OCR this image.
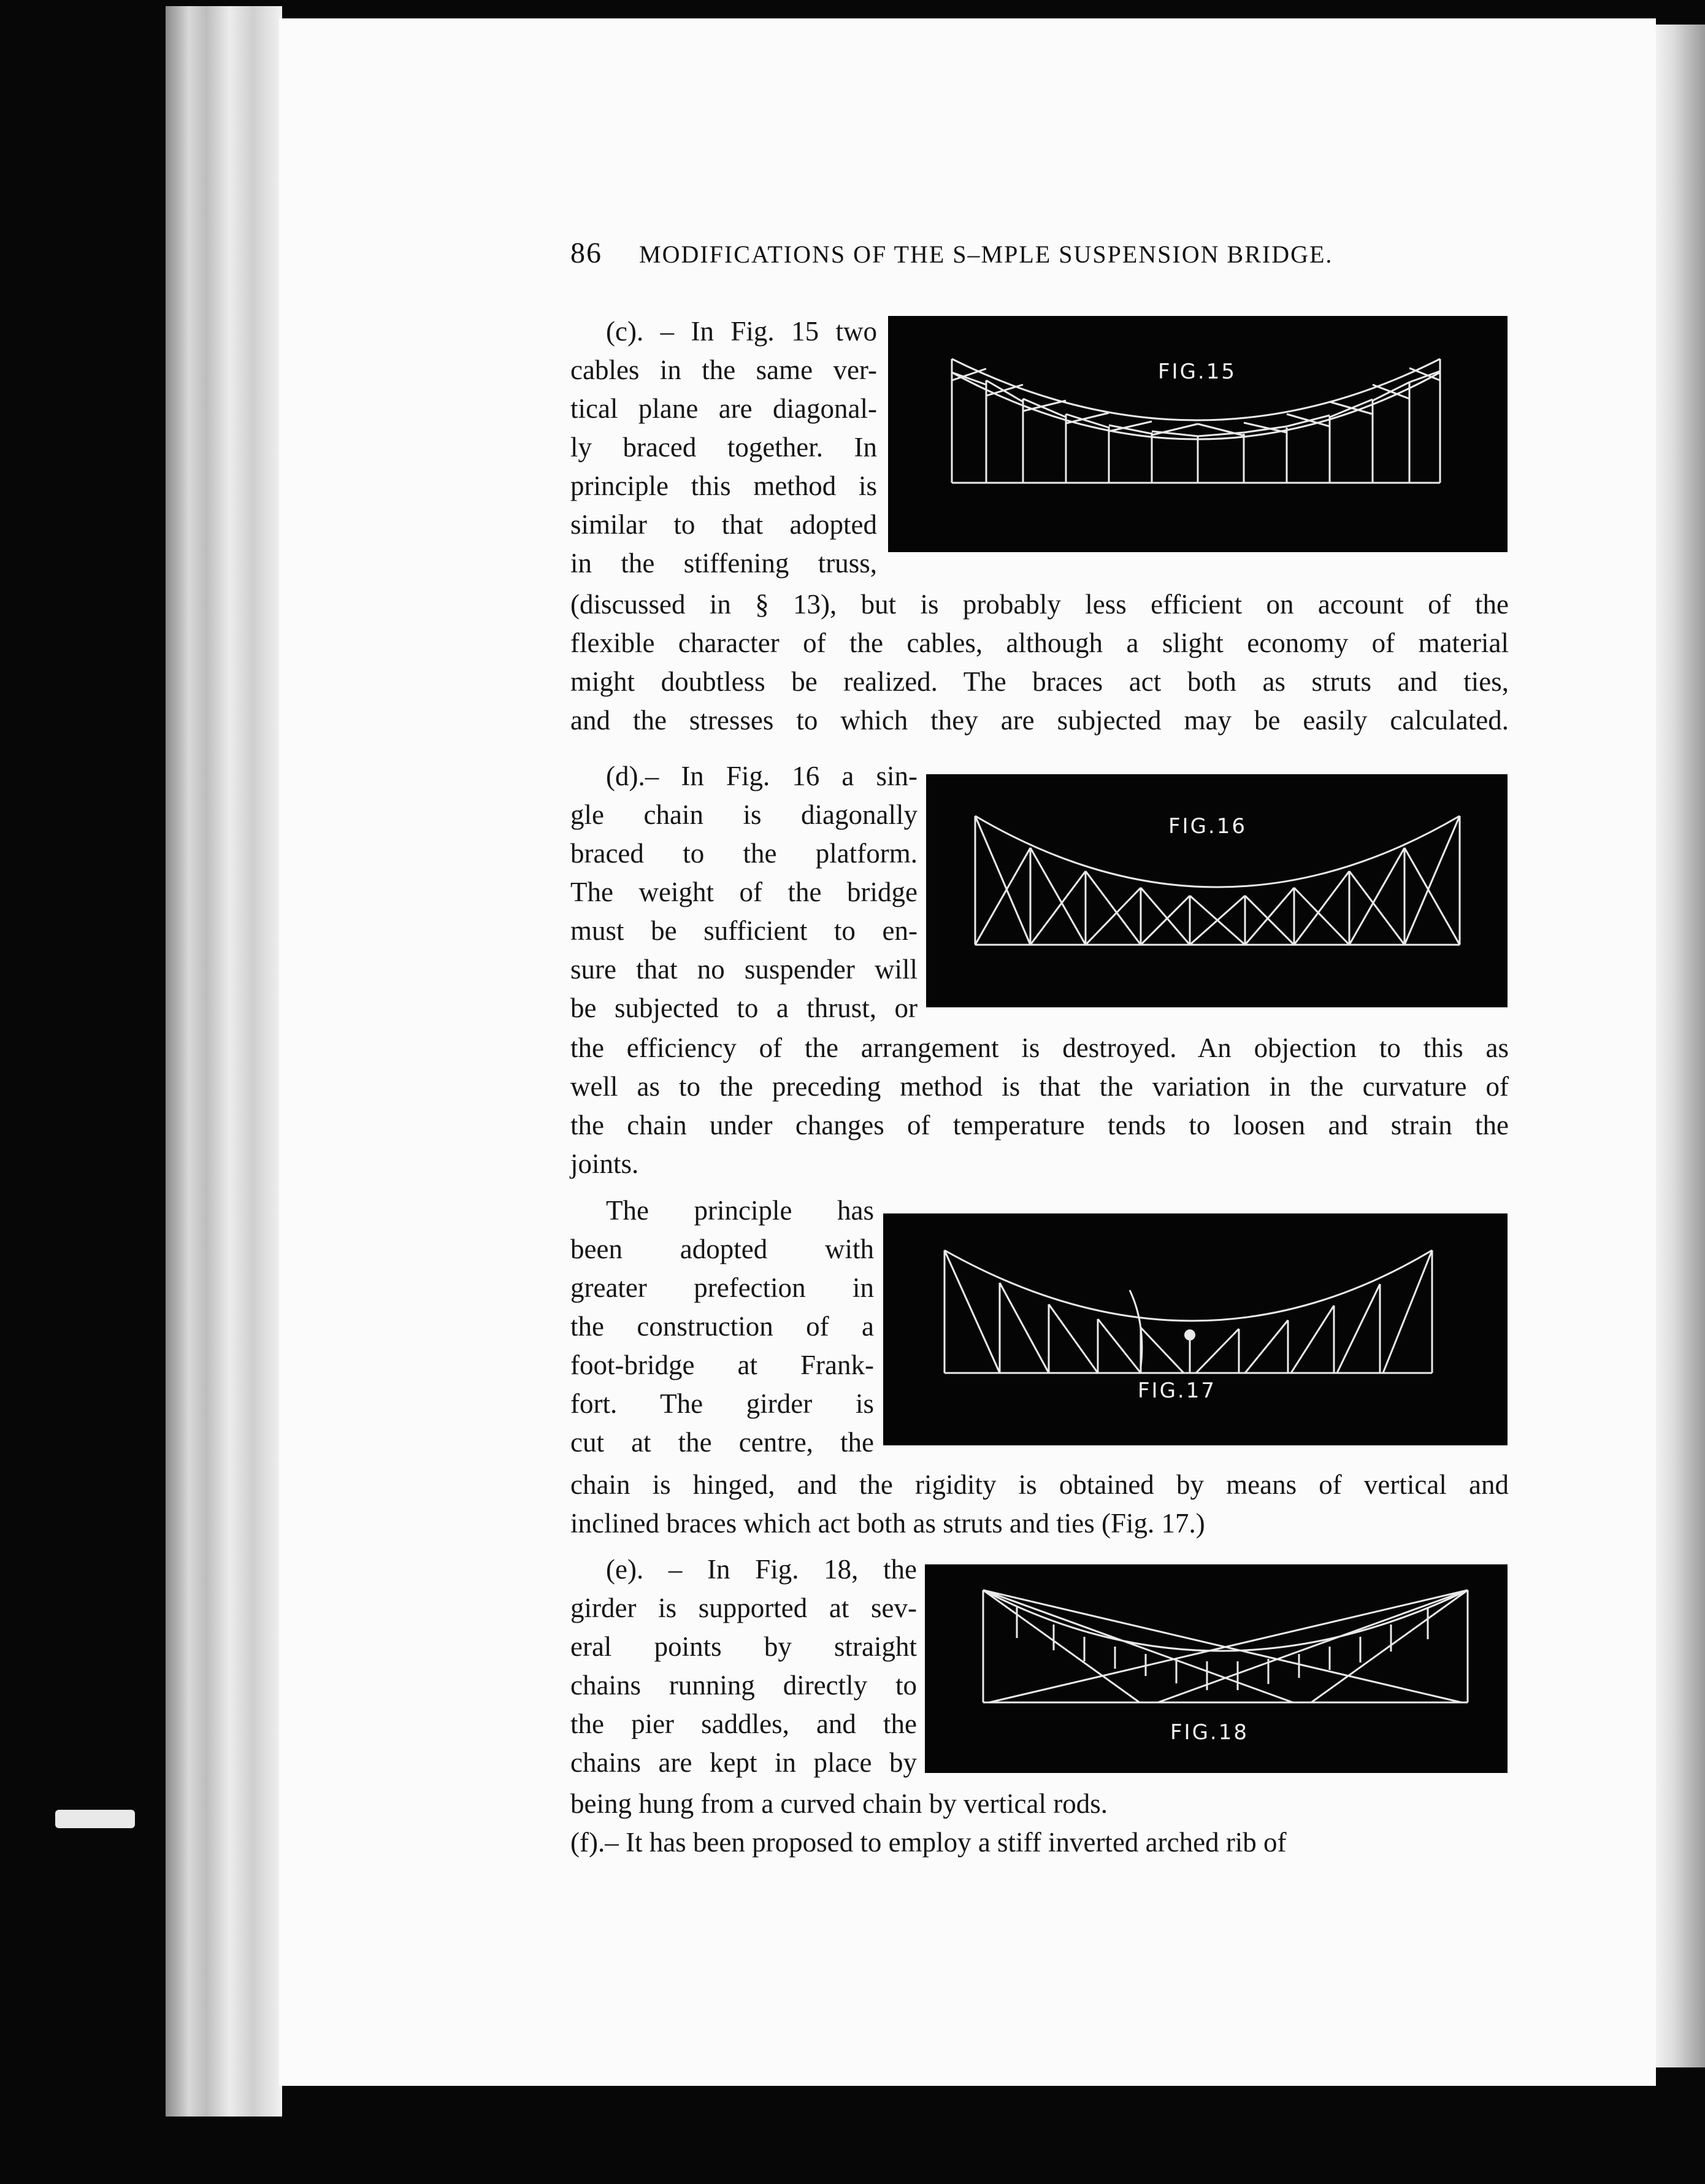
86 MODIFICATIONS OF THE S–MPLE SUSPENSION BRIDGE.
(c). – In Fig. 15 two
cables in the same ver-
tical plane are diagonal-
ly braced together. In
principle this method is
similar to that adopted
in the stiffening truss,
(discussed in § 13), but is probably less efficient on account of the
flexible character of the cables, although a slight economy of material
might doubtless be realized. The braces act both as struts and ties,
and the stresses to which they are subjected may be easily calculated.
FIG.15
(d).– In Fig. 16 a sin-
gle chain is diagonally
braced to the platform.
The weight of the bridge
must be sufficient to en-
sure that no suspender will
be subjected to a thrust, or
the efficiency of the arrangement is destroyed. An objection to this as
well as to the preceding method is that the variation in the curvature of
the chain under changes of temperature tends to loosen and strain the
joints.
FIG.16
The principle has
been adopted with
greater prefection in
the construction of a
foot-bridge at Frank-
fort. The girder is
cut at the centre, the
chain is hinged, and the rigidity is obtained by means of vertical and
inclined braces which act both as struts and ties (Fig. 17.)
FIG.17
(e). – In Fig. 18, the
girder is supported at sev-
eral points by straight
chains running directly to
the pier saddles, and the
chains are kept in place by
being hung from a curved chain by vertical rods.
(f).– It has been proposed to employ a stiff inverted arched rib of
FIG.18
